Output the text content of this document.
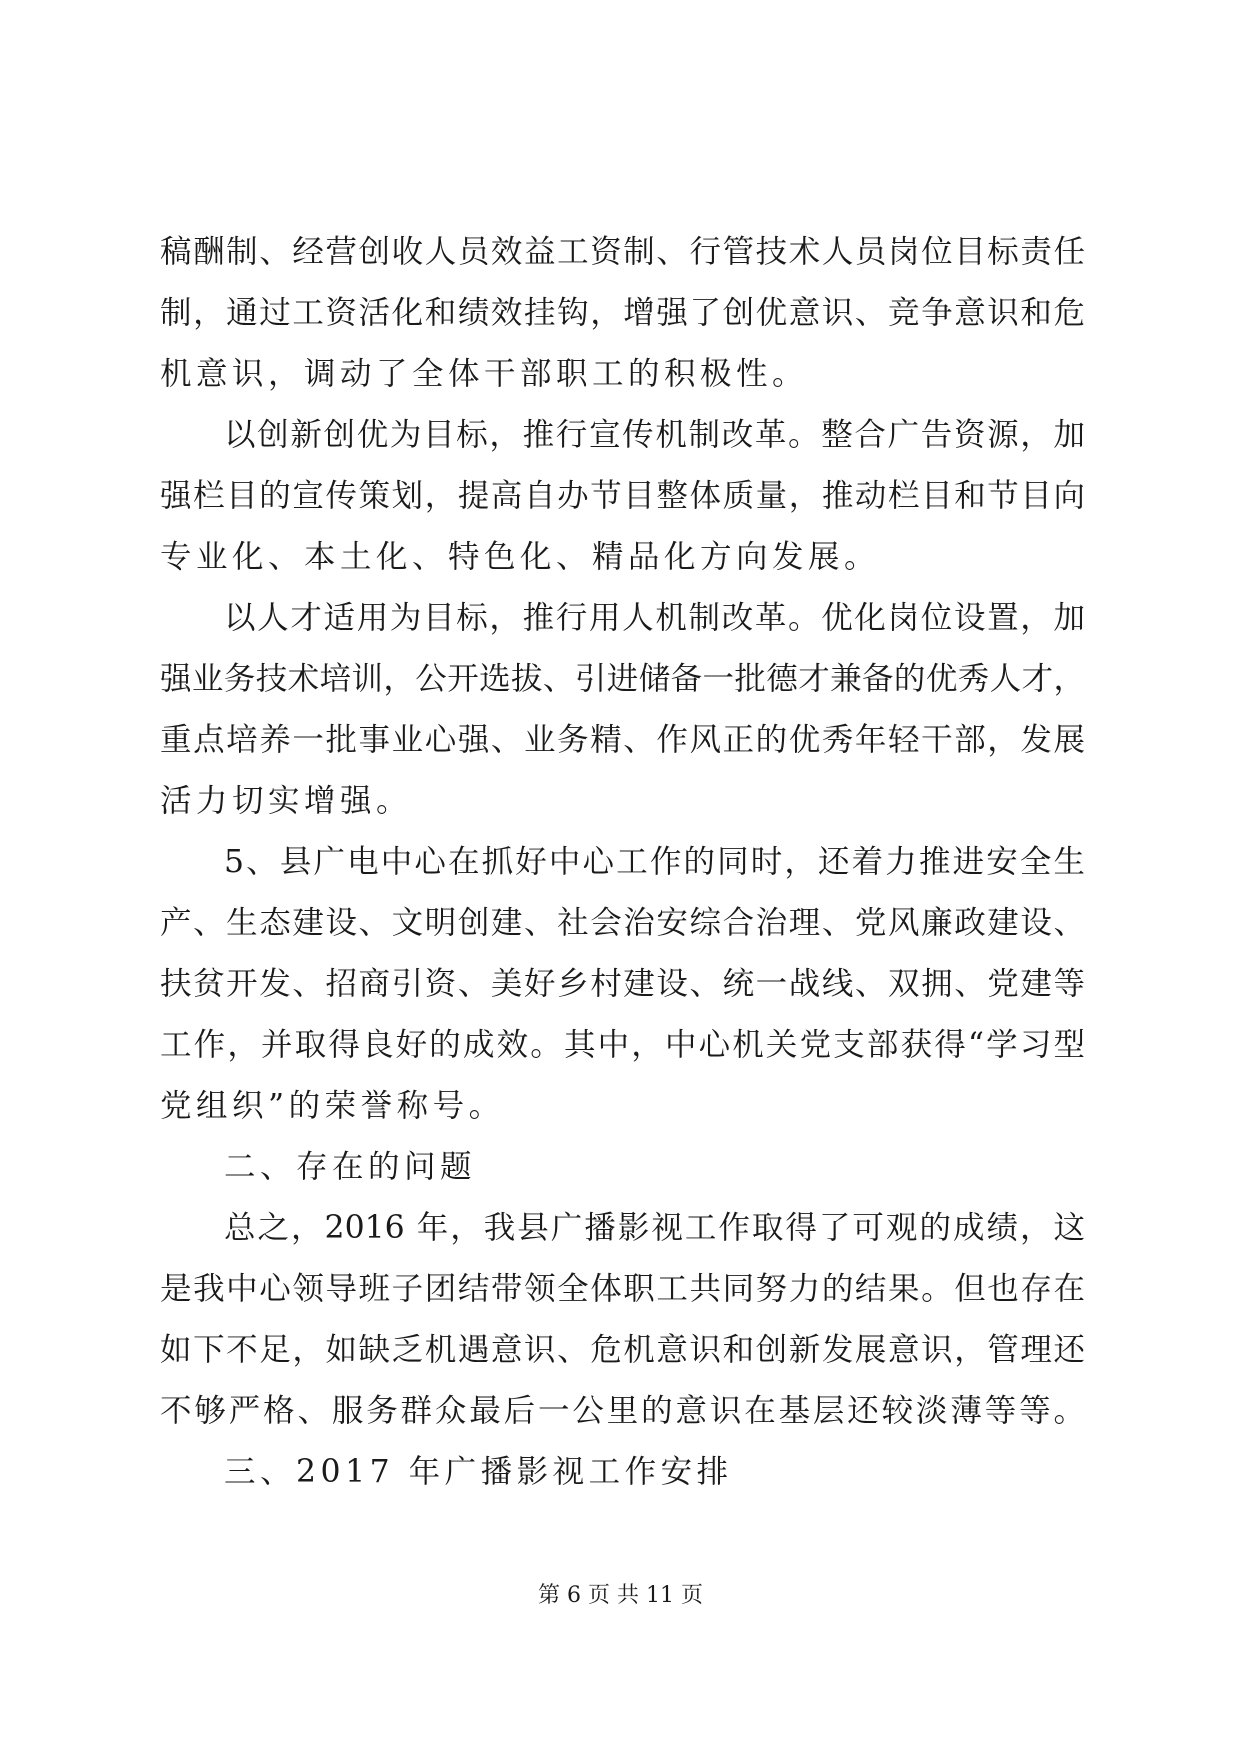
稿酬制、经营创收人员效益工资制、行管技术人员岗位目标责任
制，通过工资活化和绩效挂钩，增强了创优意识、竞争意识和危
机意识，调动了全体干部职工的积极性。
以创新创优为目标，推行宣传机制改革。整合广告资源，加
强栏目的宣传策划，提高自办节目整体质量，推动栏目和节目向
专业化、本土化、特色化、精品化方向发展。
以人才适用为目标，推行用人机制改革。优化岗位设置，加
强业务技术培训，公开选拔、引进储备一批德才兼备的优秀人才，
重点培养一批事业心强、业务精、作风正的优秀年轻干部，发展
活力切实增强。
5、县广电中心在抓好中心工作的同时，还着力推进安全生
产、生态建设、文明创建、社会治安综合治理、党风廉政建设、
扶贫开发、招商引资、美好乡村建设、统一战线、双拥、党建等
工作，并取得良好的成效。其中，中心机关党支部获得“学习型
党组织”的荣誉称号。
二、存在的问题
总之，2016 年，我县广播影视工作取得了可观的成绩，这
是我中心领导班子团结带领全体职工共同努力的结果。但也存在
如下不足，如缺乏机遇意识、危机意识和创新发展意识，管理还
不够严格、服务群众最后一公里的意识在基层还较淡薄等等。
三、2017 年广播影视工作安排
第 6 页 共 11 页
